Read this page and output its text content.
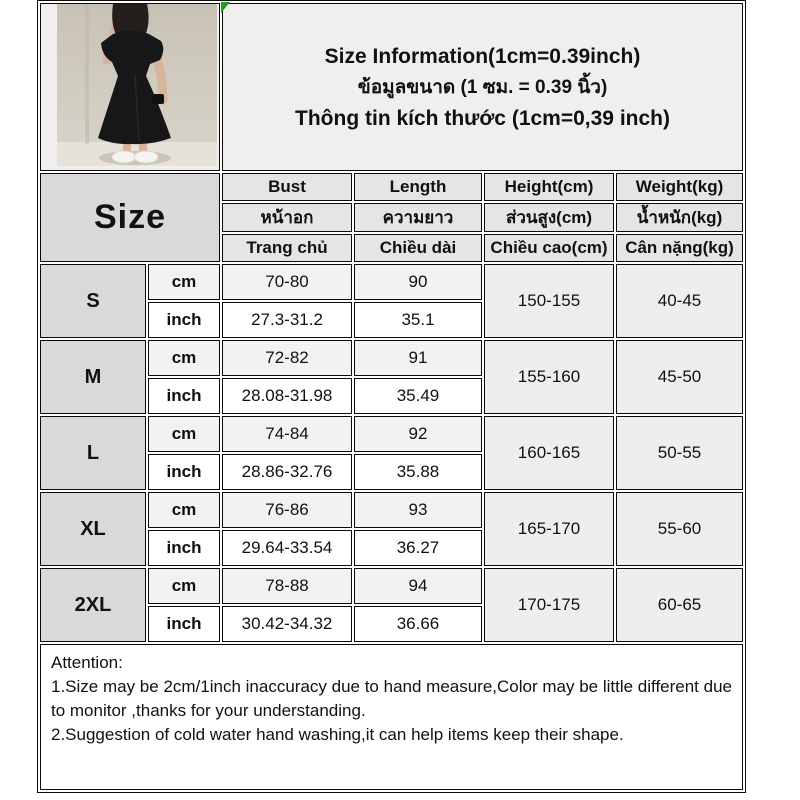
Size Information(1cm=0.39inch)
ข้อมูลขนาด (1 ซม. = 0.39 นิ้ว)
Thông tin kích thước (1cm=0,39 inch)			

Size		Bust	Length	Height(cm)	Weight(kg)
		หน้าอก	ความยาว	ส่วนสูง(cm)	น้ำหนัก(kg)
		Trang chủ	Chiều dài	Chiều cao(cm)	Cân nặng(kg)
S	cm	70-80	90	150-155	40-45
	inch	27.3-31.2	35.1		
M	cm	72-82	91	155-160	45-50
	inch	28.08-31.98	35.49		
L	cm	74-84	92	160-165	50-55
	inch	28.86-32.76	35.88		
XL	cm	76-86	93	165-170	55-60
	inch	29.64-33.54	36.27		
2XL	cm	78-88	94	170-175	60-65
	inch	30.42-34.32	36.66		

Attention:
1.Size may be 2cm/1inch inaccuracy due to hand measure,Color may be little different due to monitor ,thanks for your understanding.
2.Suggestion of cold water hand washing,it can help items keep their shape.					
